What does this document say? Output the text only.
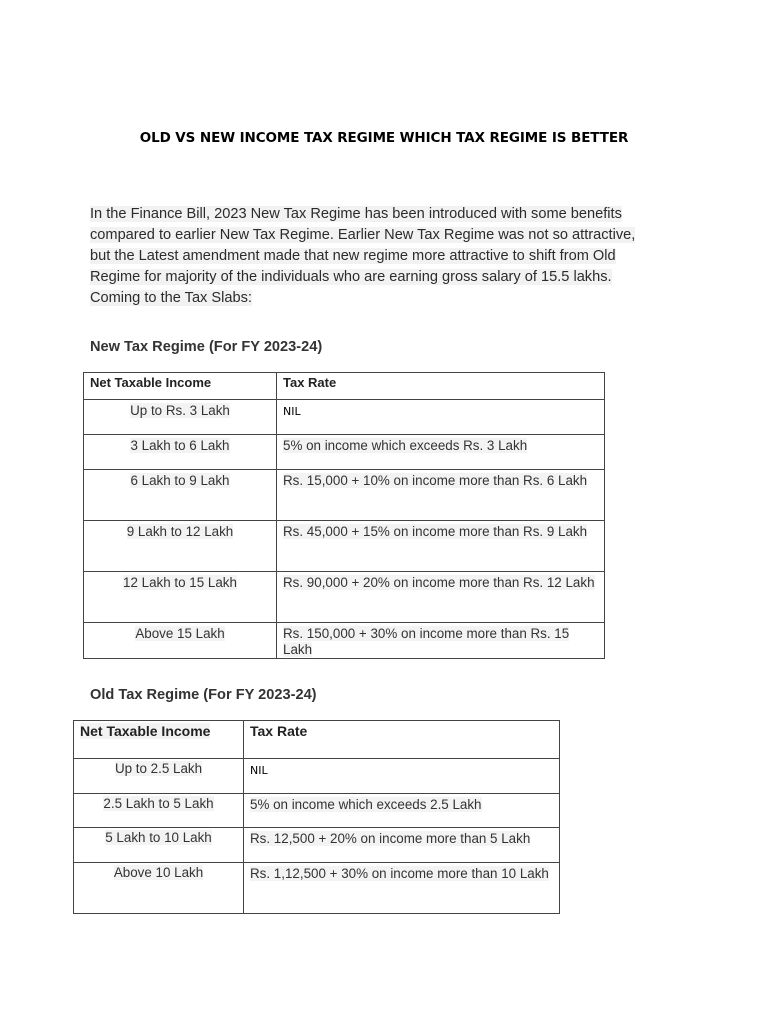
OLD VS NEW INCOME TAX REGIME WHICH TAX REGIME IS BETTER
In the Finance Bill, 2023 New Tax Regime has been introduced with some benefits
compared to earlier New Tax Regime. Earlier New Tax Regime was not so attractive,
but the Latest amendment made that new regime more attractive to shift from Old
Regime for majority of the individuals who are earning gross salary of 15.5 lakhs.
Coming to the Tax Slabs:
New Tax Regime (For FY 2023-24)
Net Taxable Income	Tax Rate
Up to Rs. 3 Lakh	NIL
3 Lakh to 6 Lakh	5% on income which exceeds Rs. 3 Lakh
6 Lakh to 9 Lakh	Rs. 15,000 + 10% on income more than Rs. 6 Lakh
9 Lakh to 12 Lakh	Rs. 45,000 + 15% on income more than Rs. 9 Lakh
12 Lakh to 15 Lakh	Rs. 90,000 + 20% on income more than Rs. 12 Lakh
Above 15 Lakh	Rs. 150,000 + 30% on income more than Rs. 15 Lakh
Old Tax Regime (For FY 2023-24)
Net Taxable Income	Tax Rate
Up to 2.5 Lakh	NIL
2.5 Lakh to 5 Lakh	5% on income which exceeds 2.5 Lakh
5 Lakh to 10 Lakh	Rs. 12,500 + 20% on income more than 5 Lakh
Above 10 Lakh	Rs. 1,12,500 + 30% on income more than 10 Lakh
